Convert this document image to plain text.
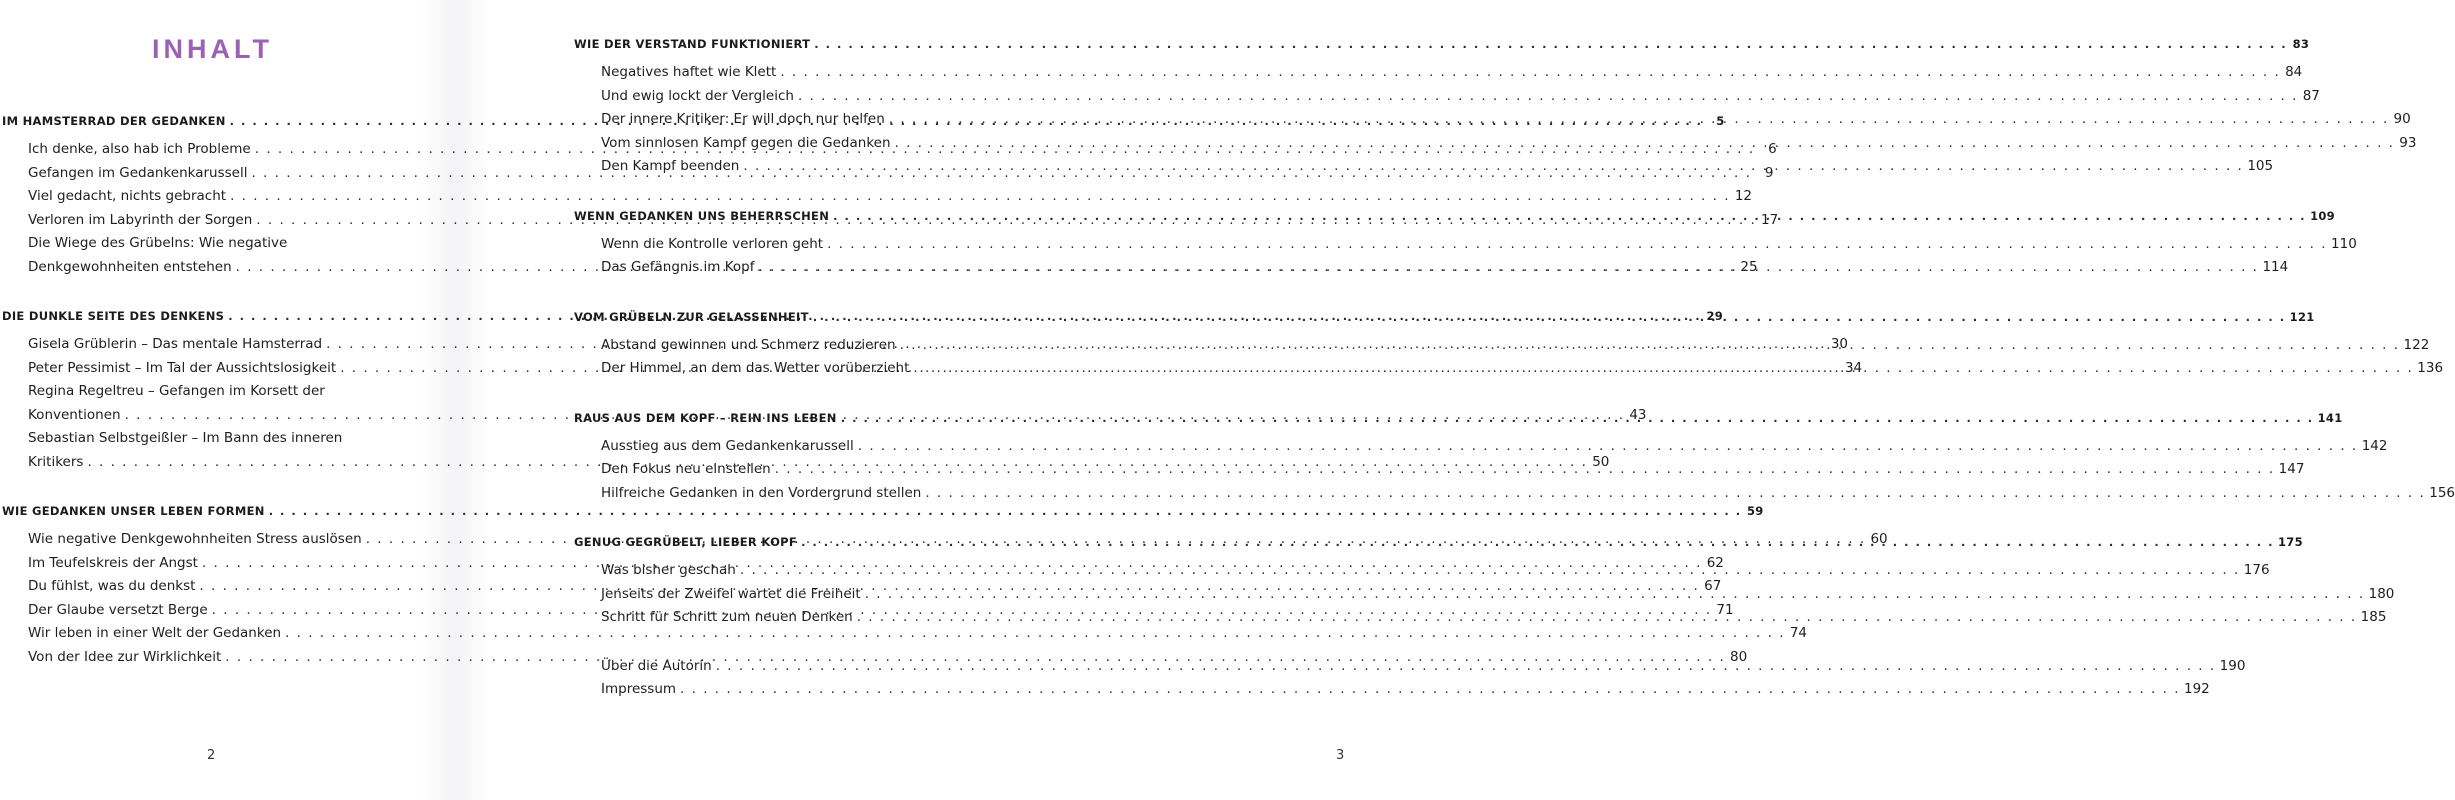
INHALT
IM HAMSTERRAD DER GEDANKEN . . .	5
Ich denke, also hab ich Probleme . . .	6
Gefangen im Gedankenkarussell . . .	9
Viel gedacht, nichts gebracht . . .	12
Verloren im Labyrinth der Sorgen . . .	17
Die Wiege des Grübelns: Wie negative
Denkgewohnheiten entstehen . . .	25
DIE DUNKLE SEITE DES DENKENS . . .	29
Gisela Grüblerin – Das mentale Hamsterrad . . .	30
Peter Pessimist – Im Tal der Aussichtslosigkeit . . .	34
Regina Regeltreu – Gefangen im Korsett der
Konventionen . . .	43
Sebastian Selbstgeißler – Im Bann des inneren
Kritikers . . .	50
WIE GEDANKEN UNSER LEBEN FORMEN . . .	59
Wie negative Denkgewohnheiten Stress auslösen . . .	60
Im Teufelskreis der Angst . . .	62
Du fühlst, was du denkst . . .	67
Der Glaube versetzt Berge . . .	71
Wir leben in einer Welt der Gedanken . . .	74
Von der Idee zur Wirklichkeit . . .	80
2
WIE DER VERSTAND FUNKTIONIERT . . .	83
Negatives haftet wie Klett . . .	84
Und ewig lockt der Vergleich . . .	87
Der innere Kritiker: Er will doch nur helfen . . .	90
Vom sinnlosen Kampf gegen die Gedanken . . .	93
Den Kampf beenden . . .	105
WENN GEDANKEN UNS BEHERRSCHEN . . .	109
Wenn die Kontrolle verloren geht . . .	110
Das Gefängnis im Kopf . . .	114
VOM GRÜBELN ZUR GELASSENHEIT . . .	121
Abstand gewinnen und Schmerz reduzieren . . .	122
Der Himmel, an dem das Wetter vorüberzieht . . .	136
RAUS AUS DEM KOPF – REIN INS LEBEN . . .	141
Ausstieg aus dem Gedankenkarussell . . .	142
Den Fokus neu einstellen . . .	147
Hilfreiche Gedanken in den Vordergrund stellen . . .	156
GENUG GEGRÜBELT, LIEBER KOPF . . .	175
Was bisher geschah . . .	176
Jenseits der Zweifel wartet die Freiheit . . .	180
Schritt für Schritt zum neuen Denken . . .	185
Über die Autorin . . .	190
Impressum . . .	192
3
